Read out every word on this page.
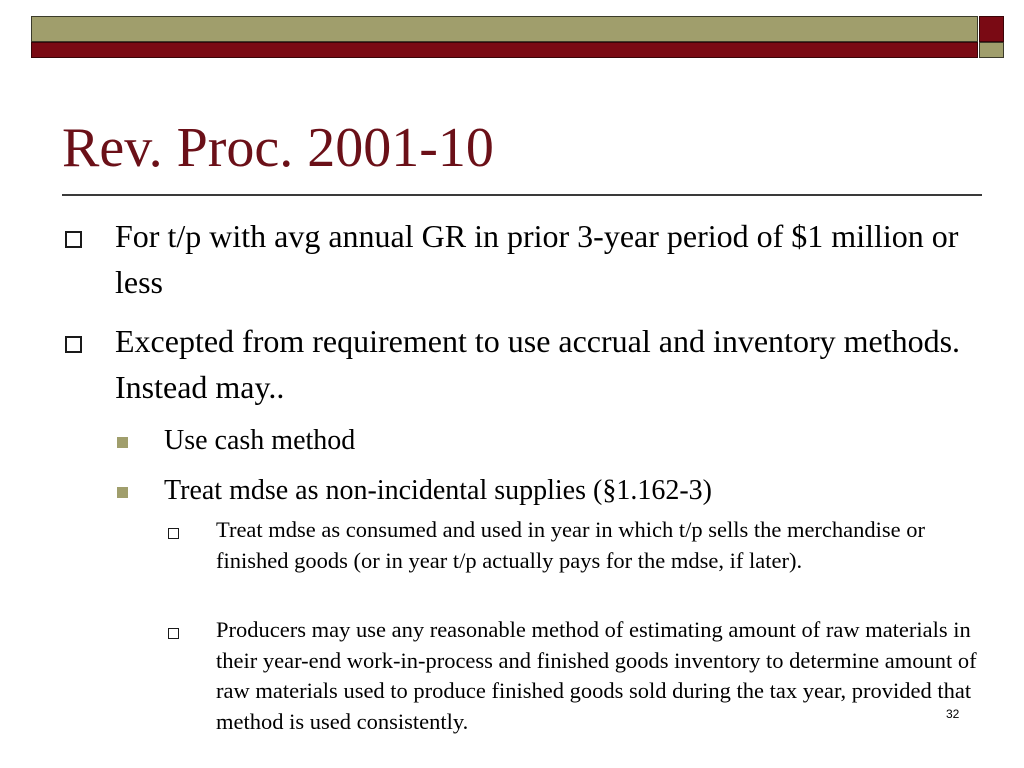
Rev. Proc. 2001-10
For t/p with avg annual GR in prior 3-year period of $1 million or less
Excepted from requirement to use accrual and inventory methods. Instead may..
Use cash method
Treat mdse as non-incidental supplies (§1.162-3)
Treat mdse as consumed and used in year in which t/p sells the merchandise or finished goods (or in year t/p actually pays for the mdse, if later).
Producers may use any reasonable method of estimating amount of raw materials in their year-end work-in-process and finished goods inventory to determine amount of raw materials used to produce finished goods sold during the tax year, provided that method is used consistently.	32
